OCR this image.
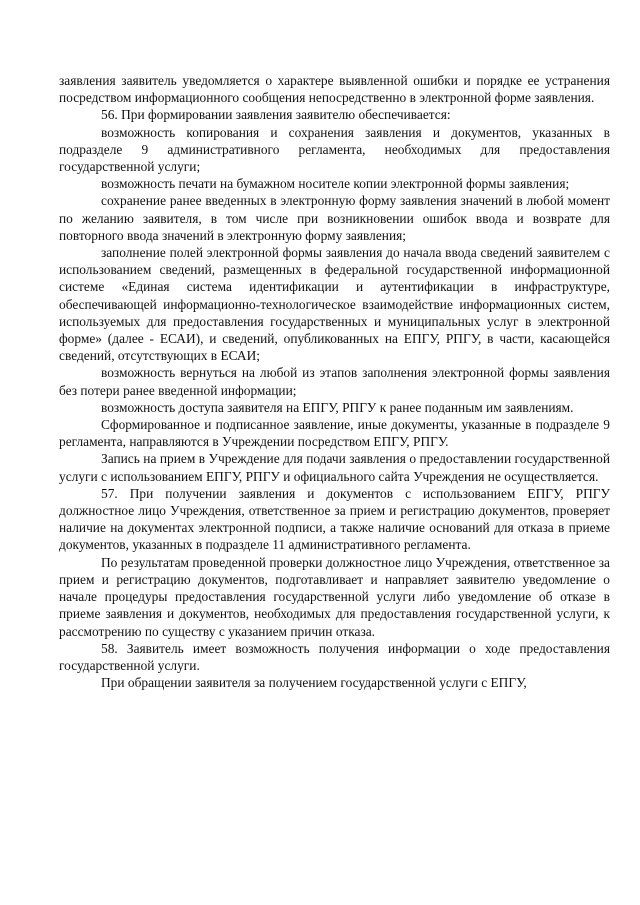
заявления заявитель уведомляется о характере выявленной ошибки и порядке ее устранения посредством информационного сообщения непосредственно в электронной форме заявления.

56. При формировании заявления заявителю обеспечивается:

возможность копирования и сохранения заявления и документов, указанных в подразделе 9 административного регламента, необходимых для предоставления государственной услуги;

возможность печати на бумажном носителе копии электронной формы заявления;

сохранение ранее введенных в электронную форму заявления значений в любой момент по желанию заявителя, в том числе при возникновении ошибок ввода и возврате для повторного ввода значений в электронную форму заявления;

заполнение полей электронной формы заявления до начала ввода сведений заявителем с использованием сведений, размещенных в федеральной государственной информационной системе «Единая система идентификации и аутентификации в инфраструктуре, обеспечивающей информационно-технологическое взаимодействие информационных систем, используемых для предоставления государственных и муниципальных услуг в электронной форме» (далее - ЕСАИ), и сведений, опубликованных на ЕПГУ, РПГУ, в части, касающейся сведений, отсутствующих в ЕСАИ;

возможность вернуться на любой из этапов заполнения электронной формы заявления без потери ранее введенной информации;

возможность доступа заявителя на ЕПГУ, РПГУ к ранее поданным им заявлениям.

Сформированное и подписанное заявление, иные документы, указанные в подразделе 9 регламента, направляются в Учреждении посредством ЕПГУ, РПГУ.

Запись на прием в Учреждение для подачи заявления о предоставлении государственной услуги с использованием ЕПГУ, РПГУ и официального сайта Учреждения не осуществляется.

57. При получении заявления и документов с использованием ЕПГУ, РПГУ должностное лицо Учреждения, ответственное за прием и регистрацию документов, проверяет наличие на документах электронной подписи, а также наличие оснований для отказа в приеме документов, указанных в подразделе 11 административного регламента.

По результатам проведенной проверки должностное лицо Учреждения, ответственное за прием и регистрацию документов, подготавливает и направляет заявителю уведомление о начале процедуры предоставления государственной услуги либо уведомление об отказе в приеме заявления и документов, необходимых для предоставления государственной услуги, к рассмотрению по существу с указанием причин отказа.

58. Заявитель имеет возможность получения информации о ходе предоставления государственной услуги.

При обращении заявителя за получением государственной услуги с ЕПГУ,
